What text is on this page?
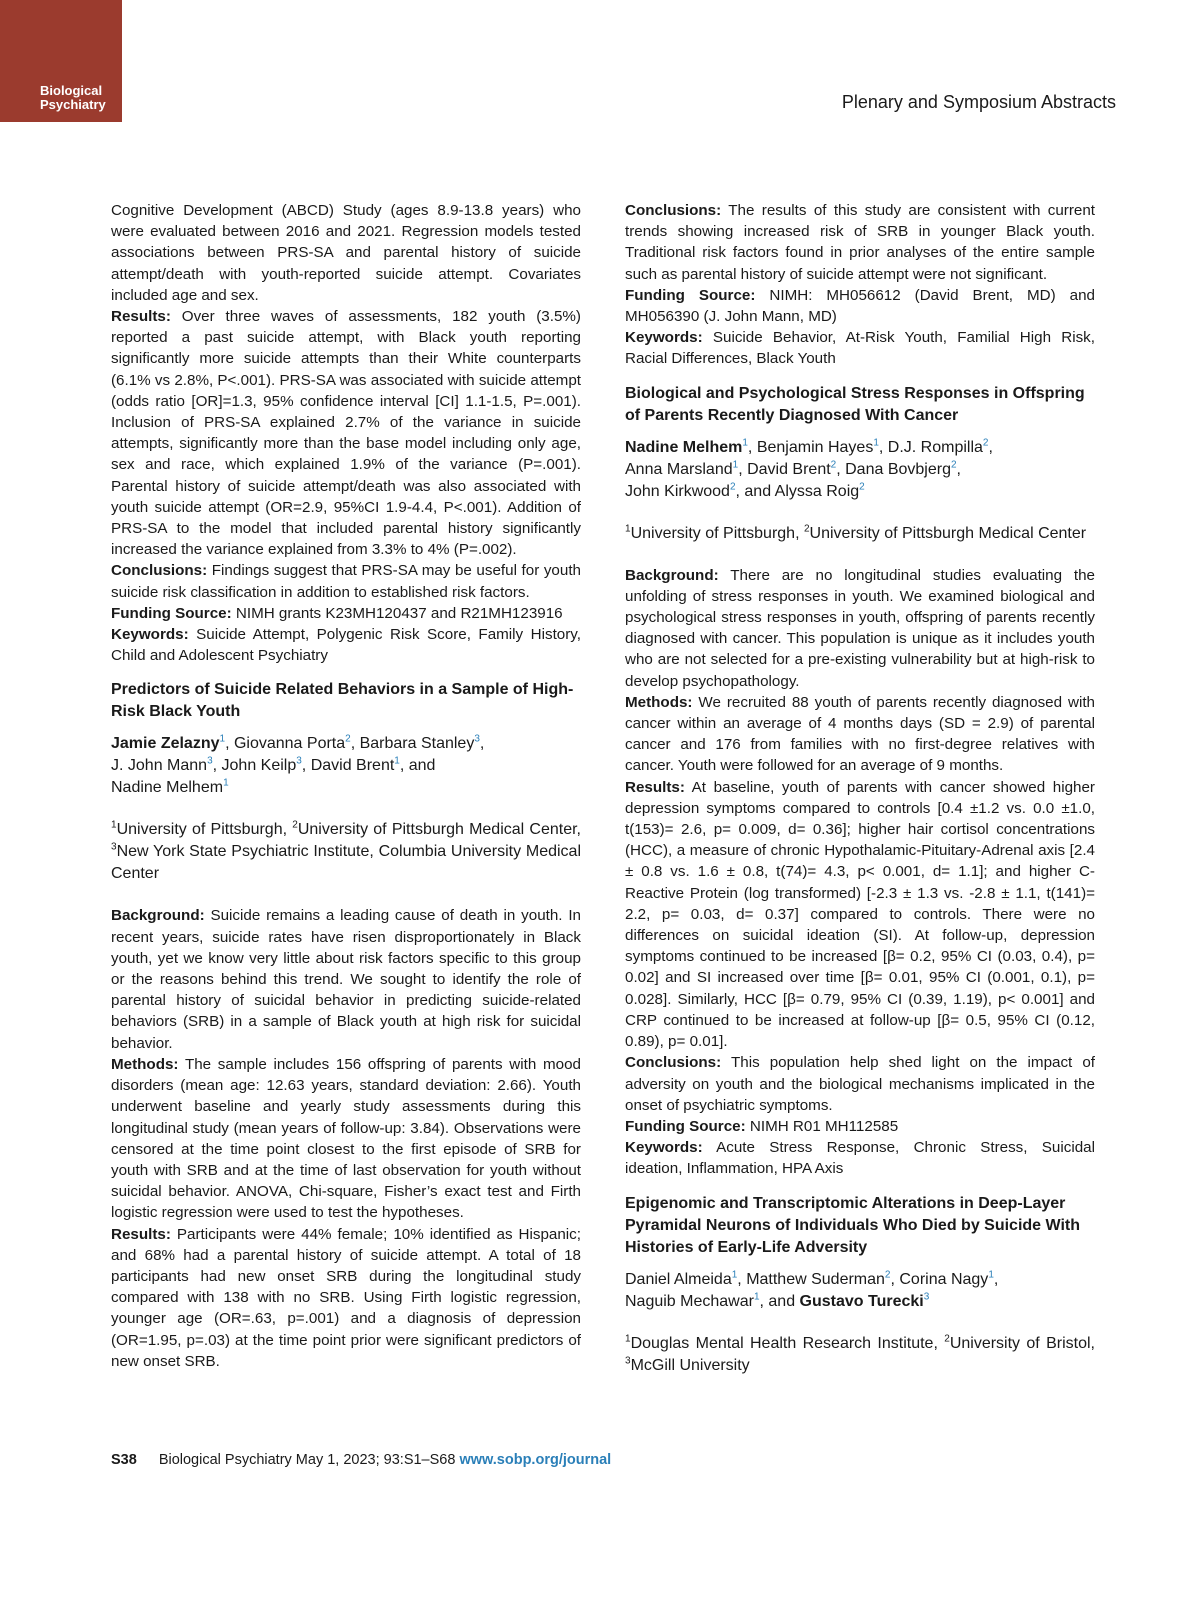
Biological Psychiatry	Plenary and Symposium Abstracts

Cognitive Development (ABCD) Study (ages 8.9-13.8 years) who were evaluated between 2016 and 2021. Regression models tested associations between PRS-SA and parental history of suicide attempt/death with youth-reported suicide attempt. Covariates included age and sex.

Results: Over three waves of assessments, 182 youth (3.5%) reported a past suicide attempt, with Black youth reporting significantly more suicide attempts than their White counterparts (6.1% vs 2.8%, P<.001). PRS-SA was associated with suicide attempt (odds ratio [OR]=1.3, 95% confidence interval [CI] 1.1-1.5, P=.001). Inclusion of PRS-SA explained 2.7% of the variance in suicide attempts, significantly more than the base model including only age, sex and race, which explained 1.9% of the variance (P=.001). Parental history of suicide attempt/death was also associated with youth suicide attempt (OR=2.9, 95%CI 1.9-4.4, P<.001). Addition of PRS-SA to the model that included parental history significantly increased the variance explained from 3.3% to 4% (P=.002).

Conclusions: Findings suggest that PRS-SA may be useful for youth suicide risk classification in addition to established risk factors.

Funding Source: NIMH grants K23MH120437 and R21MH123916

Keywords: Suicide Attempt, Polygenic Risk Score, Family History, Child and Adolescent Psychiatry

Predictors of Suicide Related Behaviors in a Sample of High-Risk Black Youth
Jamie Zelazny$^1$, Giovanna Porta$^2$, Barbara Stanley$^3$,
J. John Mann$^3$, John Keilp$^3$, David Brent$^1$, and
Nadine Melhem$^1$

$^1$University of Pittsburgh, $^2$University of Pittsburgh Medical Center, $^3$New York State Psychiatric Institute, Columbia University Medical Center

Background: Suicide remains a leading cause of death in youth. In recent years, suicide rates have risen disproportionately in Black youth, yet we know very little about risk factors specific to this group or the reasons behind this trend. We sought to identify the role of parental history of suicidal behavior in predicting suicide-related behaviors (SRB) in a sample of Black youth at high risk for suicidal behavior.

Methods: The sample includes 156 offspring of parents with mood disorders (mean age: 12.63 years, standard deviation: 2.66). Youth underwent baseline and yearly study assessments during this longitudinal study (mean years of follow-up: 3.84). Observations were censored at the time point closest to the first episode of SRB for youth with SRB and at the time of last observation for youth without suicidal behavior. ANOVA, Chi-square, Fisher’s exact test and Firth logistic regression were used to test the hypotheses.

Results: Participants were 44% female; 10% identified as Hispanic; and 68% had a parental history of suicide attempt. A total of 18 participants had new onset SRB during the longitudinal study compared with 138 with no SRB. Using Firth logistic regression, younger age (OR=.63, p=.001) and a diagnosis of depression (OR=1.95, p=.03) at the time point prior were significant predictors of new onset SRB.

Conclusions: The results of this study are consistent with current trends showing increased risk of SRB in younger Black youth. Traditional risk factors found in prior analyses of the entire sample such as parental history of suicide attempt were not significant.

Funding Source: NIMH: MH056612 (David Brent, MD) and MH056390 (J. John Mann, MD)

Keywords: Suicide Behavior, At-Risk Youth, Familial High Risk, Racial Differences, Black Youth

Biological and Psychological Stress Responses in Offspring of Parents Recently Diagnosed With Cancer
Nadine Melhem$^1$, Benjamin Hayes$^1$, D.J. Rompilla$^2$,
Anna Marsland$^1$, David Brent$^2$, Dana Bovbjerg$^2$,
John Kirkwood$^2$, and Alyssa Roig$^2$

$^1$University of Pittsburgh, $^2$University of Pittsburgh Medical Center

Background: There are no longitudinal studies evaluating the unfolding of stress responses in youth. We examined biological and psychological stress responses in youth, offspring of parents recently diagnosed with cancer. This population is unique as it includes youth who are not selected for a pre-existing vulnerability but at high-risk to develop psychopathology.

Methods: We recruited 88 youth of parents recently diagnosed with cancer within an average of 4 months days (SD = 2.9) of parental cancer and 176 from families with no first-degree relatives with cancer. Youth were followed for an average of 9 months.

Results: At baseline, youth of parents with cancer showed higher depression symptoms compared to controls [0.4 ±1.2 vs. 0.0 ±1.0, t(153)= 2.6, p= 0.009, d= 0.36]; higher hair cortisol concentrations (HCC), a measure of chronic Hypothalamic-Pituitary-Adrenal axis [2.4 ± 0.8 vs. 1.6 ± 0.8, t(74)= 4.3, p< 0.001, d= 1.1]; and higher C-Reactive Protein (log transformed) [-2.3 ± 1.3 vs. -2.8 ± 1.1, t(141)= 2.2, p= 0.03, d= 0.37] compared to controls. There were no differences on suicidal ideation (SI). At follow-up, depression symptoms continued to be increased [β= 0.2, 95% CI (0.03, 0.4), p= 0.02] and SI increased over time [β= 0.01, 95% CI (0.001, 0.1), p= 0.028]. Similarly, HCC [β= 0.79, 95% CI (0.39, 1.19), p< 0.001] and CRP continued to be increased at follow-up [β= 0.5, 95% CI (0.12, 0.89), p= 0.01].

Conclusions: This population help shed light on the impact of adversity on youth and the biological mechanisms implicated in the onset of psychiatric symptoms.

Funding Source: NIMH R01 MH112585

Keywords: Acute Stress Response, Chronic Stress, Suicidal ideation, Inflammation, HPA Axis

Epigenomic and Transcriptomic Alterations in Deep-Layer Pyramidal Neurons of Individuals Who Died by Suicide With Histories of Early-Life Adversity
Daniel Almeida$^1$, Matthew Suderman$^2$, Corina Nagy$^1$,
Naguib Mechawar$^1$, and Gustavo Turecki$^3$

$^1$Douglas Mental Health Research Institute, $^2$University of Bristol, $^3$McGill University

S38 Biological Psychiatry May 1, 2023; 93:S1–S68 www.sobp.org/journal
